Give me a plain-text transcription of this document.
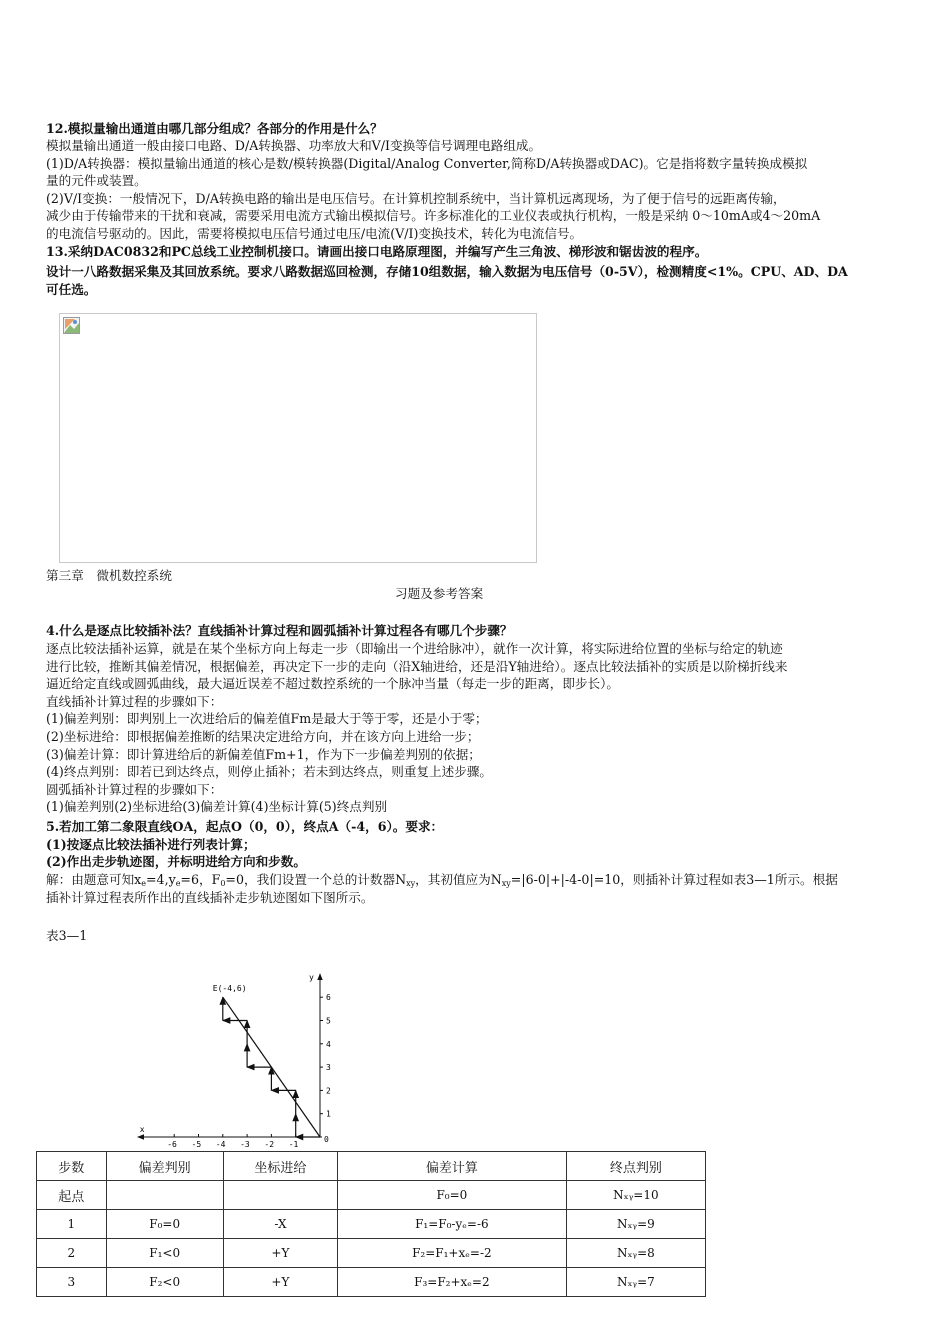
12.模拟量输出通道由哪几部分组成？各部分的作用是什么？
模拟量输出通道一般由接口电路、D/A转换器、功率放大和V/I变换等信号调理电路组成。
(1)D/A转换器：模拟量输出通道的核心是数/模转换器(Digital/Analog Converter,简称D/A转换器或DAC)。它是指将数字量转换成模拟
量的元件或装置。
(2)V/I变换：一般情况下，D/A转换电路的输出是电压信号。在计算机控制系统中，当计算机远离现场，为了便于信号的远距离传输，
减少由于传输带来的干扰和衰减，需要采用电流方式输出模拟信号。许多标准化的工业仪表或执行机构，一般是采纳 0～10mA或4～20mA
的电流信号驱动的。因此，需要将模拟电压信号通过电压/电流(V/I)变换技术，转化为电流信号。
13.采纳DAC0832和PC总线工业控制机接口。请画出接口电路原理图，并编写产生三角波、梯形波和锯齿波的程序。
设计一八路数据采集及其回放系统。要求八路数据巡回检测，存储10组数据，输入数据为电压信号（0-5V），检测精度<1%。CPU、AD、DA
可任选。
第三章　微机数控系统
习题及参考答案
4.什么是逐点比较插补法？直线插补计算过程和圆弧插补计算过程各有哪几个步骤？
逐点比较法插补运算，就是在某个坐标方向上每走一步（即输出一个进给脉冲），就作一次计算，将实际进给位置的坐标与给定的轨迹
进行比较，推断其偏差情况，根据偏差，再决定下一步的走向（沿X轴进给，还是沿Y轴进给）。逐点比较法插补的实质是以阶梯折线来
逼近给定直线或圆弧曲线，最大逼近误差不超过数控系统的一个脉冲当量（每走一步的距离，即步长）。
直线插补计算过程的步骤如下：
(1)偏差判别：即判别上一次进给后的偏差值Fm是最大于等于零，还是小于零；
(2)坐标进给：即根据偏差推断的结果决定进给方向，并在该方向上进给一步；
(3)偏差计算：即计算进给后的新偏差值Fm+1，作为下一步偏差判别的依据；
(4)终点判别：即若已到达终点，则停止插补；若未到达终点，则重复上述步骤。
圆弧插补计算过程的步骤如下：
(1)偏差判别(2)坐标进给(3)偏差计算(4)坐标计算(5)终点判别
5.若加工第二象限直线OA，起点O（0，0），终点A（-4，6）。要求：
(1)按逐点比较法插补进行列表计算；
(2)作出走步轨迹图，并标明进给方向和步数。
解：由题意可知$x_e=4,y_e=6$，$F_0=0$，我们设置一个总的计数器$N_{xy}$，其初值应为$N_{xy}=|6-0|+|-4-0|=10$，则插补计算过程如表3—1所示。根据
插补计算过程表所作出的直线插补走步轨迹图如下图所示。
表3—1
x
y
0
-6 -5 -4 -3 -2 -1
1
2
3
4
5
6
E(-4,6)
步数	偏差判别	坐标进给	偏差计算	终点判别
起点			F₀=0	Nₓᵧ=10
1	F₀=0	-X	F₁=F₀-yₑ=-6	Nₓᵧ=9
2	F₁<0	+Y	F₂=F₁+xₑ=-2	Nₓᵧ=8
3	F₂<0	+Y	F₃=F₂+xₑ=2	Nₓᵧ=7
